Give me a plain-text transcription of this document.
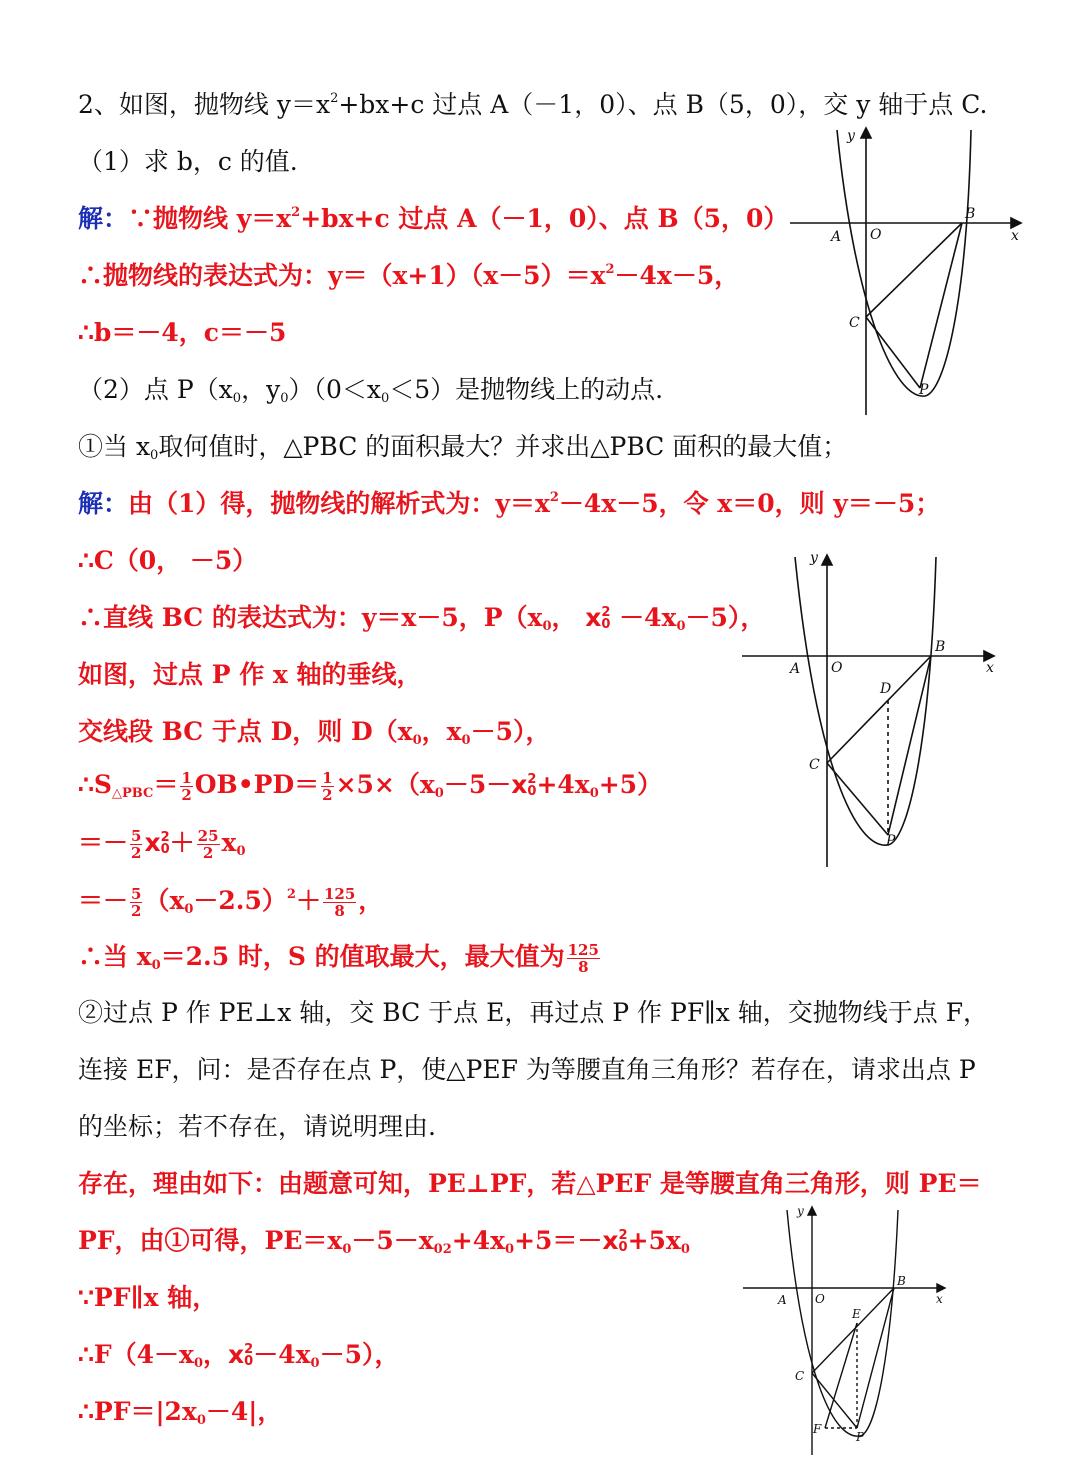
2、如图，抛物线 $y=x^2+bx+c$ 过点 A（－1，0）、点 B（5，0），交 y 轴于点 C.
（1）求 b，c 的值.
解：∵抛物线 $y=x^2+bx+c$ 过点 A（－1，0）、点 B（5，0）
∴抛物线的表达式为：$y=(x+1)(x-5)=x^2-4x-5$，
∴b＝－4，c＝－5
（2）点 $P(x_0$，$y_0)(0<x_0<5)$是抛物线上的动点.
①当 $x_0$取何值时，△PBC 的面积最大？并求出△PBC 面积的最大值；
解：由（1）得，抛物线的解析式为：$y=x^2-4x-5$，令 x＝0，则 y＝－5；
∴C（0， －5）
∴直线 BC 的表达式为：y＝x－5，$P(x_0$， x 2
$0 -4x_0-5$），
如图，过点 P 作 x 轴的垂线，
交线段 BC 于点 D，则 $D(x_0$，$x_0-5$），
$\therefore S_{\triangle PBC}= \frac{1}{2}$ OB•PD＝ $\frac{1}{2} \times 5\times(x_0-5-x$ 2
$0 +4x_0+5$）
＝－ $\frac{5}{2}$ x 2
$0 + \frac{25}{2} x_0$
＝－ $\frac{5}{2} (x_0-2.5)^2+ \frac{125}{8}$ ，
∴当 $x_0=2.5$ 时，S 的值取最大，最大值为 $\frac{125}{8}$
②过点 P 作 PE⊥x 轴，交 BC 于点 E，再过点 P 作 PF∥x 轴，交抛物线于点 F，
连接 EF，问：是否存在点 P，使△PEF 为等腰直角三角形？若存在，请求出点 P
的坐标；若不存在，请说明理由.
存在，理由如下：由题意可知，PE⊥PF，若△PEF 是等腰直角三角形，则 PE＝
PF，由①可得，$PE=x_0-5-x_{02}+4x_0+5=-x$ 2
$0 +5x_0$
∵PF∥x 轴，
$\therefore F(4-x_0$，x 2
$0 -4x_0-5$），
$\therefore PF=|2x_0-4|$，
y
x
A O
B
C
P
y
x
A O
B
D
C
P
y
x
A O
B
E
C
F
P
